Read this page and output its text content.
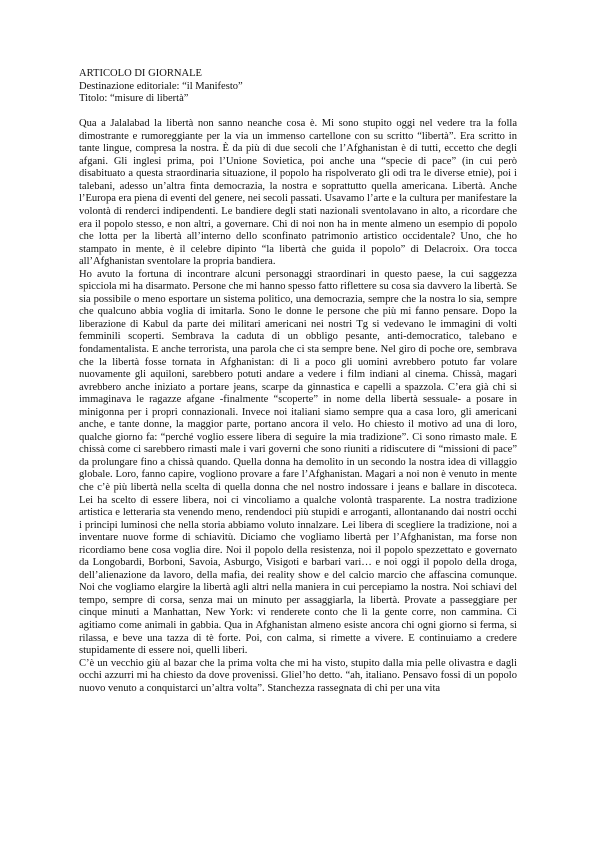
ARTICOLO DI GIORNALE
Destinazione editoriale: “il Manifesto”
Titolo: “misure di libertà”

Qua a Jalalabad la libertà non sanno neanche cosa è. Mi sono stupito oggi nel vedere tra la folla dimostrante e rumoreggiante per la via un immenso cartellone con su scritto “libertà”. Era scritto in tante lingue, compresa la nostra. È da più di due secoli che l’Afghanistan è di tutti, eccetto che degli afgani. Gli inglesi prima, poi l’Unione Sovietica, poi anche una “specie di pace” (in cui però disabituato a questa straordinaria situazione, il popolo ha rispolverato gli odi tra le diverse etnie), poi i talebani, adesso un’altra finta democrazia, la nostra e soprattutto quella americana. Libertà. Anche l’Europa era piena di eventi del genere, nei secoli passati. Usavamo l’arte e la cultura per manifestare la volontà di renderci indipendenti. Le bandiere degli stati nazionali sventolavano in alto, a ricordare che era il popolo stesso, e non altri, a governare. Chi di noi non ha in mente almeno un esempio di popolo che lotta per la libertà all’interno dello sconfinato patrimonio artistico occidentale? Uno, che ho stampato in mente, è il celebre dipinto “la libertà che guida il popolo” di Delacroix. Ora tocca all’Afghanistan sventolare la propria bandiera.

Ho avuto la fortuna di incontrare alcuni personaggi straordinari in questo paese, la cui saggezza spicciola mi ha disarmato. Persone che mi hanno spesso fatto riflettere su cosa sia davvero la libertà. Se sia possibile o meno esportare un sistema politico, una democrazia, sempre che la nostra lo sia, sempre che qualcuno abbia voglia di imitarla. Sono le donne le persone che più mi fanno pensare. Dopo la liberazione di Kabul da parte dei militari americani nei nostri Tg si vedevano le immagini di volti femminili scoperti. Sembrava la caduta di un obbligo pesante, anti-democratico, talebano e fondamentalista. E anche terrorista, una parola che ci sta sempre bene. Nel giro di poche ore, sembrava che la libertà fosse tornata in Afghanistan: di lì a poco gli uomini avrebbero potuto far volare nuovamente gli aquiloni, sarebbero potuti andare a vedere i film indiani al cinema. Chissà, magari avrebbero anche iniziato a portare jeans, scarpe da ginnastica e capelli a spazzola. C’era già chi si immaginava le ragazze afgane -finalmente “scoperte” in nome della libertà sessuale- a posare in minigonna per i propri connazionali. Invece noi italiani siamo sempre qua a casa loro, gli americani anche, e tante donne, la maggior parte, portano ancora il velo. Ho chiesto il motivo ad una di loro, qualche giorno fa: “perché voglio essere libera di seguire la mia tradizione”. Ci sono rimasto male. E chissà come ci sarebbero rimasti male i vari governi che sono riuniti a ridiscutere di “missioni di pace” da prolungare fino a chissà quando. Quella donna ha demolito in un secondo la nostra idea di villaggio globale. Loro, fanno capire, vogliono provare a fare l’Afghanistan. Magari a noi non è venuto in mente che c’è più libertà nella scelta di quella donna che nel nostro indossare i jeans e ballare in discoteca. Lei ha scelto di essere libera, noi ci vincoliamo a qualche volontà trasparente. La nostra tradizione artistica e letteraria sta venendo meno, rendendoci più stupidi e arroganti, allontanando dai nostri occhi i principi luminosi che nella storia abbiamo voluto innalzare. Lei libera di scegliere la tradizione, noi a inventare nuove forme di schiavitù. Diciamo che vogliamo libertà per l’Afghanistan, ma forse non ricordiamo bene cosa voglia dire. Noi il popolo della resistenza, noi il popolo spezzettato e governato da Longobardi, Borboni, Savoia, Asburgo, Visigoti e barbari vari… e noi oggi il popolo della droga, dell’alienazione da lavoro, della mafia, dei reality show e del calcio marcio che affascina comunque. Noi che vogliamo elargire la libertà agli altri nella maniera in cui percepiamo la nostra. Noi schiavi del tempo, sempre di corsa, senza mai un minuto per assaggiarla, la libertà. Provate a passeggiare per cinque minuti a Manhattan, New York: vi renderete conto che lì la gente corre, non cammina. Ci agitiamo come animali in gabbia. Qua in Afghanistan almeno esiste ancora chi ogni giorno si ferma, si rilassa, e beve una tazza di tè forte. Poi, con calma, si rimette a vivere. E continuiamo a credere stupidamente di essere noi, quelli liberi.

C’è un vecchio giù al bazar che la prima volta che mi ha visto, stupito dalla mia pelle olivastra e dagli occhi azzurri mi ha chiesto da dove provenissi. Gliel’ho detto. “ah, italiano. Pensavo fossi di un popolo nuovo venuto a conquistarci un’altra volta”. Stanchezza rassegnata di chi per una vita
